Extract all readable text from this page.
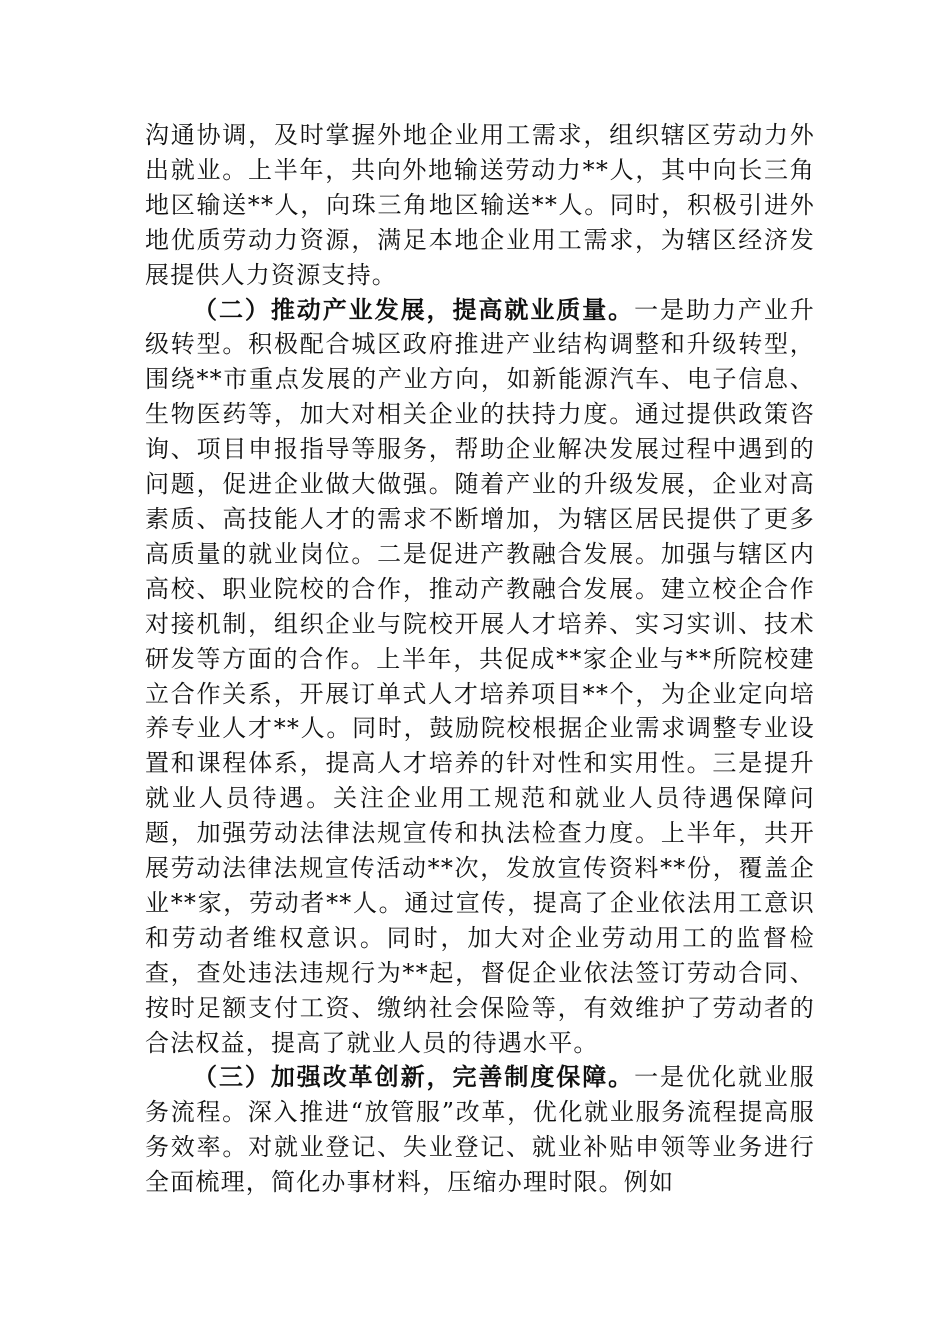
沟通协调，及时掌握外地企业用工需求，组织辖区劳动力外出就业。上半年，共向外地输送劳动力**人，其中向长三角地区输送**人，向珠三角地区输送**人。同时，积极引进外地优质劳动力资源，满足本地企业用工需求，为辖区经济发展提供人力资源支持。

（二）推动产业发展，提高就业质量。一是助力产业升级转型。积极配合城区政府推进产业结构调整和升级转型，围绕**市重点发展的产业方向，如新能源汽车、电子信息、生物医药等，加大对相关企业的扶持力度。通过提供政策咨询、项目申报指导等服务，帮助企业解决发展过程中遇到的问题，促进企业做大做强。随着产业的升级发展，企业对高素质、高技能人才的需求不断增加，为辖区居民提供了更多高质量的就业岗位。二是促进产教融合发展。加强与辖区内高校、职业院校的合作，推动产教融合发展。建立校企合作对接机制，组织企业与院校开展人才培养、实习实训、技术研发等方面的合作。上半年，共促成**家企业与**所院校建立合作关系，开展订单式人才培养项目**个，为企业定向培养专业人才**人。同时，鼓励院校根据企业需求调整专业设置和课程体系，提高人才培养的针对性和实用性。三是提升就业人员待遇。关注企业用工规范和就业人员待遇保障问题，加强劳动法律法规宣传和执法检查力度。上半年，共开展劳动法律法规宣传活动**次，发放宣传资料**份，覆盖企业**家，劳动者**人。通过宣传，提高了企业依法用工意识和劳动者维权意识。同时，加大对企业劳动用工的监督检查，查处违法违规行为**起，督促企业依法签订劳动合同、按时足额支付工资、缴纳社会保险等，有效维护了劳动者的合法权益，提高了就业人员的待遇水平。

（三）加强改革创新，完善制度保障。一是优化就业服务流程。深入推进“放管服”改革，优化就业服务流程提高服务效率。对就业登记、失业登记、就业补贴申领等业务进行全面梳理，简化办事材料，压缩办理时限。例如
